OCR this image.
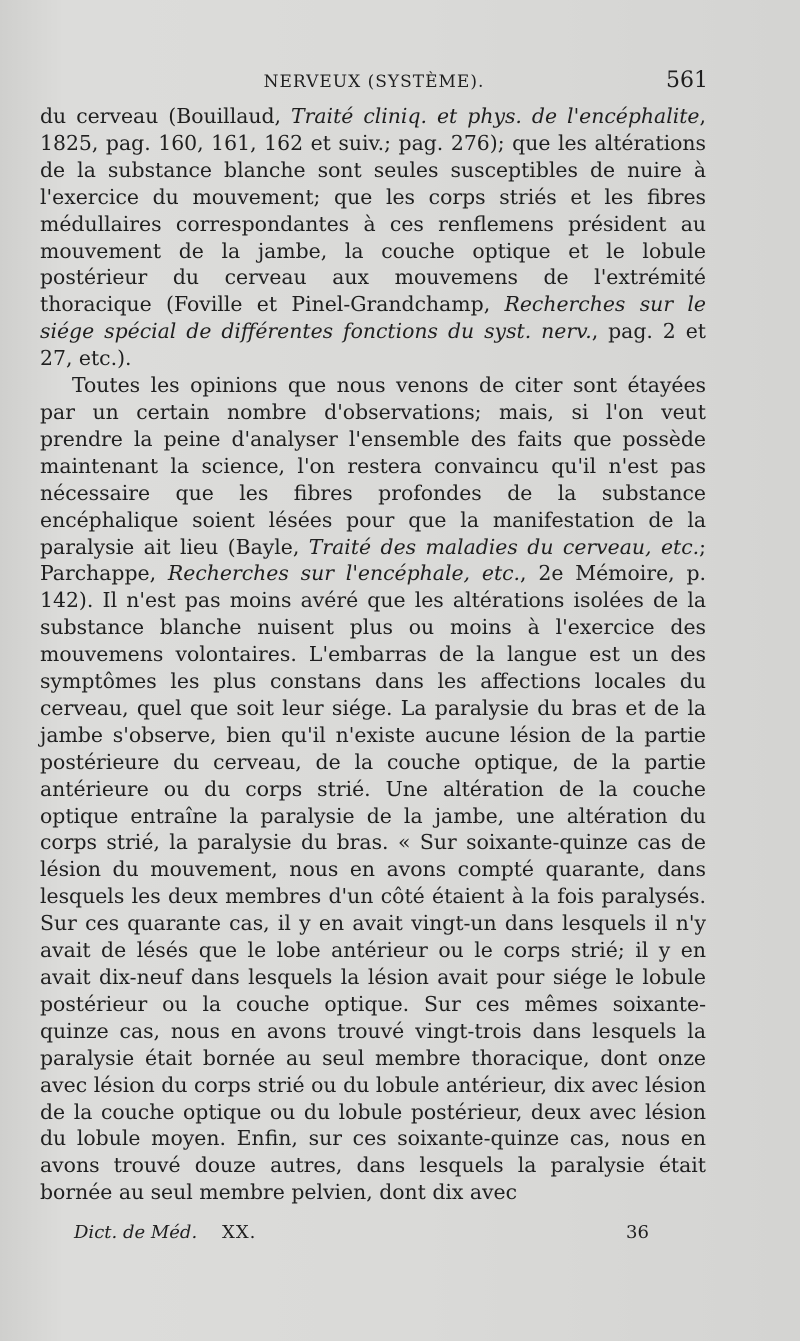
NERVEUX (SYSTÈME).	561

du cerveau (Bouillaud, Traité cliniq. et phys. de l'encéphalite, 1825, pag. 160, 161, 162 et suiv.; pag. 276); que les altérations de la substance blanche sont seules susceptibles de nuire à l'exercice du mouvement; que les corps striés et les fibres médullaires correspondantes à ces renflemens président au mouvement de la jambe, la couche optique et le lobule postérieur du cerveau aux mouvemens de l'extrémité thoracique (Foville et Pinel-Grandchamp, Recherches sur le siége spécial de différentes fonctions du syst. nerv., pag. 2 et 27, etc.).

Toutes les opinions que nous venons de citer sont étayées par un certain nombre d'observations; mais, si l'on veut prendre la peine d'analyser l'ensemble des faits que possède maintenant la science, l'on restera convaincu qu'il n'est pas nécessaire que les fibres profondes de la substance encéphalique soient lésées pour que la manifestation de la paralysie ait lieu (Bayle, Traité des maladies du cerveau, etc.; Parchappe, Recherches sur l'encéphale, etc., 2e Mémoire, p. 142). Il n'est pas moins avéré que les altérations isolées de la substance blanche nuisent plus ou moins à l'exercice des mouvemens volontaires. L'embarras de la langue est un des symptômes les plus constans dans les affections locales du cerveau, quel que soit leur siége. La paralysie du bras et de la jambe s'observe, bien qu'il n'existe aucune lésion de la partie postérieure du cerveau, de la couche optique, de la partie antérieure ou du corps strié. Une altération de la couche optique entraîne la paralysie de la jambe, une altération du corps strié, la paralysie du bras. « Sur soixante-quinze cas de lésion du mouvement, nous en avons compté quarante, dans lesquels les deux membres d'un côté étaient à la fois paralysés. Sur ces quarante cas, il y en avait vingt-un dans lesquels il n'y avait de lésés que le lobe antérieur ou le corps strié; il y en avait dix-neuf dans lesquels la lésion avait pour siége le lobule postérieur ou la couche optique. Sur ces mêmes soixante-quinze cas, nous en avons trouvé vingt-trois dans lesquels la paralysie était bornée au seul membre thoracique, dont onze avec lésion du corps strié ou du lobule antérieur, dix avec lésion de la couche optique ou du lobule postérieur, deux avec lésion du lobule moyen. Enfin, sur ces soixante-quinze cas, nous en avons trouvé douze autres, dans lesquels la paralysie était bornée au seul membre pelvien, dont dix avec

Dict. de Méd. XX.	36
